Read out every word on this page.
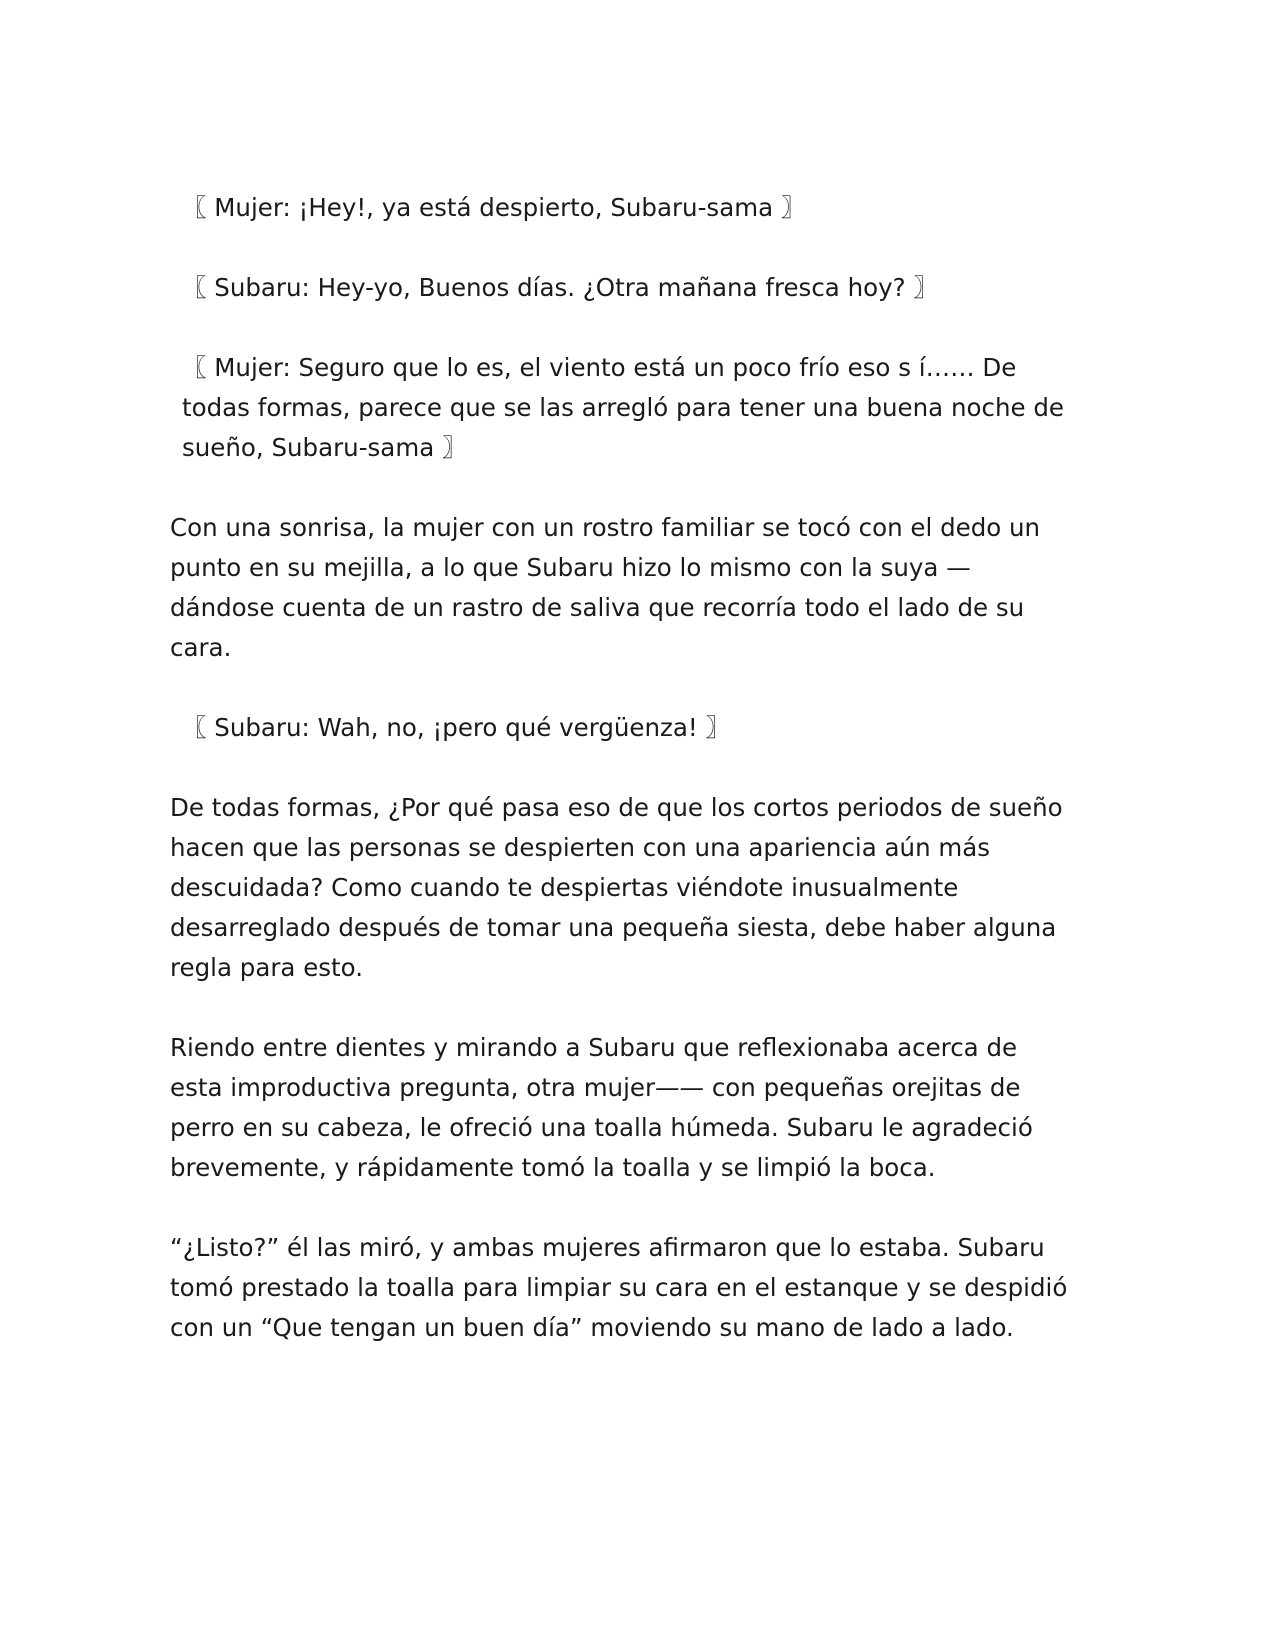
〖 Mujer: ¡Hey!, ya está despierto, Subaru-sama 〗

〖 Subaru: Hey-yo, Buenos días. ¿Otra mañana fresca hoy? 〗

〖 Mujer: Seguro que lo es, el viento está un poco frío eso s í…… De todas formas, parece que se las arregló para tener una buena noche de sueño, Subaru-sama 〗

Con una sonrisa, la mujer con un rostro familiar se tocó con el dedo un punto en su mejilla, a lo que Subaru hizo lo mismo con la suya —dándose cuenta de un rastro de saliva que recorría todo el lado de su cara.

〖 Subaru: Wah, no, ¡pero qué vergüenza! 〗

De todas formas, ¿Por qué pasa eso de que los cortos periodos de sueño hacen que las personas se despierten con una apariencia aún más descuidada? Como cuando te despiertas viéndote inusualmente desarreglado después de tomar una pequeña siesta, debe haber alguna regla para esto.

Riendo entre dientes y mirando a Subaru que reflexionaba acerca de esta improductiva pregunta, otra mujer—— con pequeñas orejitas de perro en su cabeza, le ofreció una toalla húmeda. Subaru le agradeció brevemente, y rápidamente tomó la toalla y se limpió la boca.

“¿Listo?” él las miró, y ambas mujeres afirmaron que lo estaba. Subaru tomó prestado la toalla para limpiar su cara en el estanque y se despidió con un “Que tengan un buen día” moviendo su mano de lado a lado.
